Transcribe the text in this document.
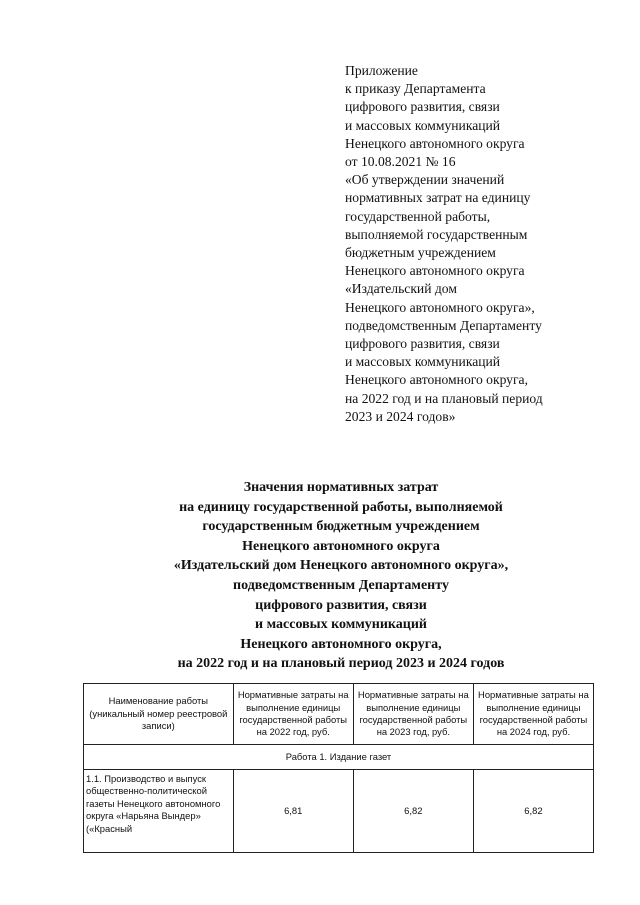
Приложение
к приказу Департамента
цифрового развития, связи
и массовых коммуникаций
Ненецкого автономного округа
от 10.08.2021 № 16
«Об утверждении значений
нормативных затрат на единицу
государственной работы,
выполняемой государственным
бюджетным учреждением
Ненецкого автономного округа
«Издательский дом
Ненецкого автономного округа»,
подведомственным Департаменту
цифрового развития, связи
и массовых коммуникаций
Ненецкого автономного округа,
на 2022 год и на плановый период
2023 и 2024 годов»
Значения нормативных затрат
на единицу государственной работы, выполняемой
государственным бюджетным учреждением
Ненецкого автономного округа
«Издательский дом Ненецкого автономного округа»,
подведомственным Департаменту
цифрового развития, связи
и массовых коммуникаций
Ненецкого автономного округа,
на 2022 год и на плановый период 2023 и 2024 годов
Наименование работы (уникальный номер реестровой записи)	Нормативные затраты на выполнение единицы государственной работы на 2022 год, руб.	Нормативные затраты на выполнение единицы государственной работы на 2023 год, руб.	Нормативные затраты на выполнение единицы государственной работы на 2024 год, руб.
Работа 1. Издание газет			
1.1. Производство и выпуск общественно-политической газеты Ненецкого автономного округа «Нарьяна Вындер» («Красный	6,81	6,82	6,82
